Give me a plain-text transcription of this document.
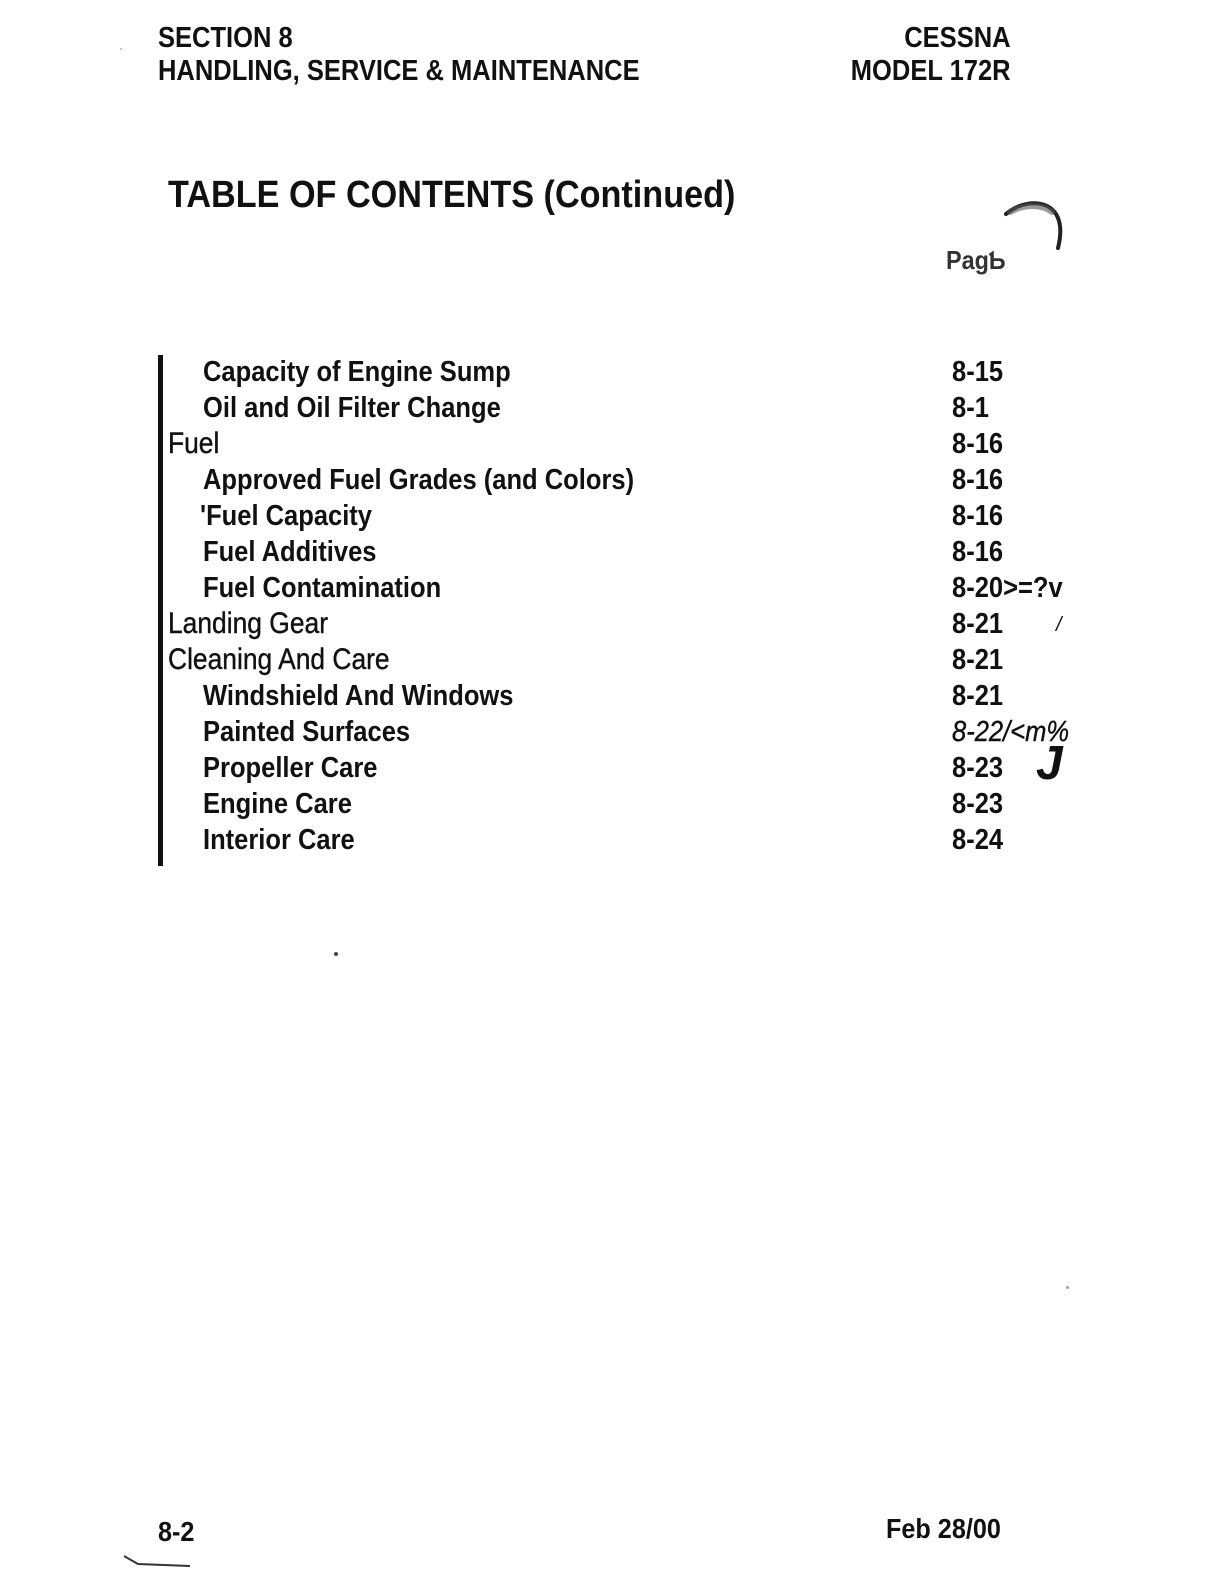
SECTION 8
HANDLING, SERVICE & MAINTENANCE
CESSNA
MODEL 172R
TABLE OF CONTENTS (Continued)
PagƄ
Capacity of Engine Sump	8-15
Oil and Oil Filter Change	8-1
Fuel	8-16
Approved Fuel Grades (and Colors)	8-16
'Fuel Capacity	8-16
Fuel Additives	8-16
Fuel Contamination	8-20>=?v
Landing Gear	8-21
Cleaning And Care	8-21
Windshield And Windows	8-21
Painted Surfaces	8-22/<m%
Propeller Care	8-23
Engine Care	8-23
Interior Care	8-24
/
J
8-2	Feb 28/00
